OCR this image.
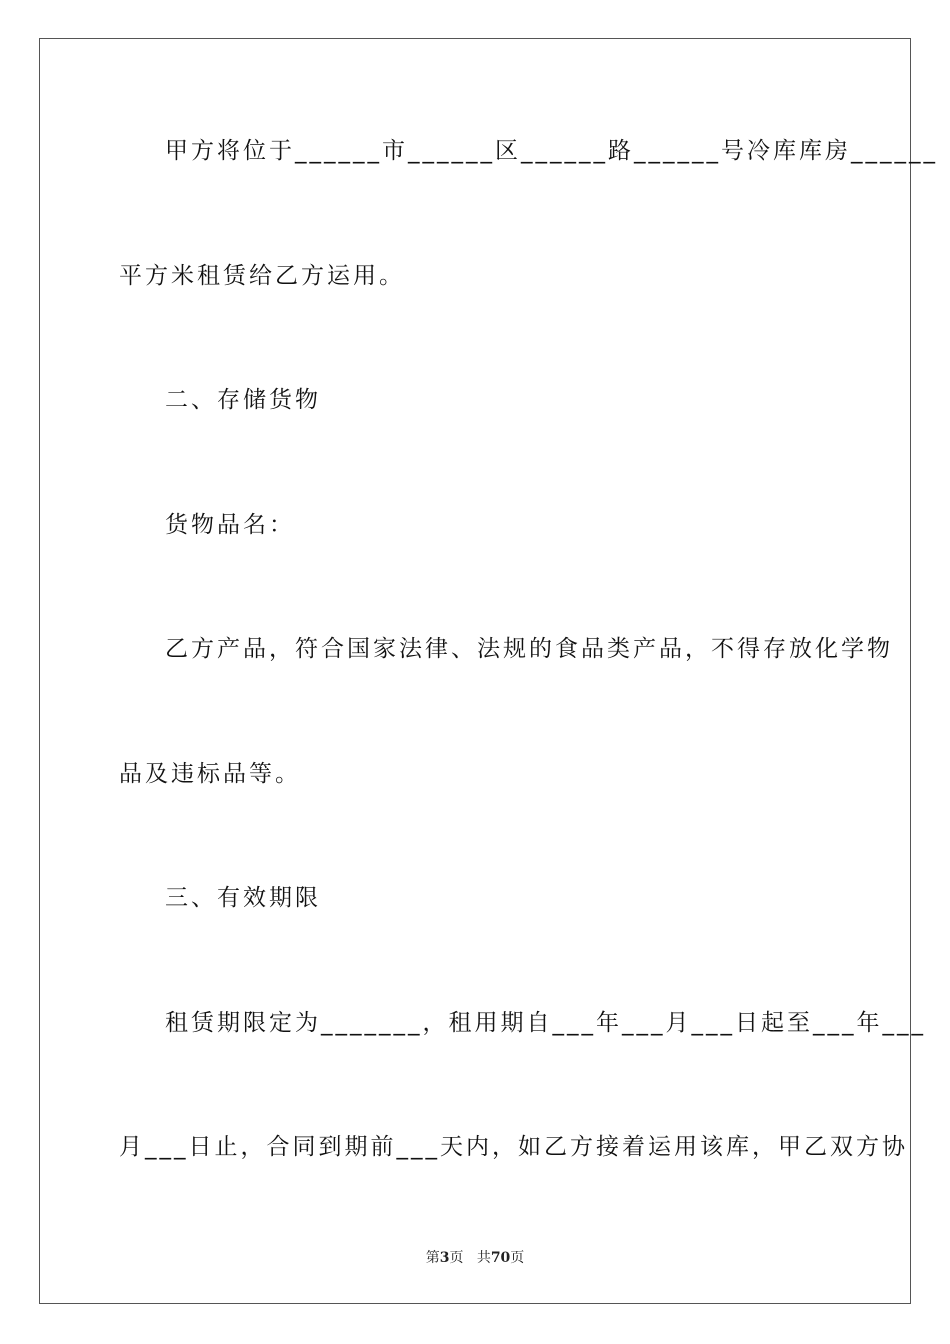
甲方将位于______市______区______路______号冷库库房______
平方米租赁给乙方运用。
二、存储货物
货物品名：
乙方产品，符合国家法律、法规的食品类产品，不得存放化学物
品及违标品等。
三、有效期限
租赁期限定为_______，租用期自___年___月___日起至___年___
月___日止，合同到期前___天内，如乙方接着运用该库，甲乙双方协
第3页 共70页
